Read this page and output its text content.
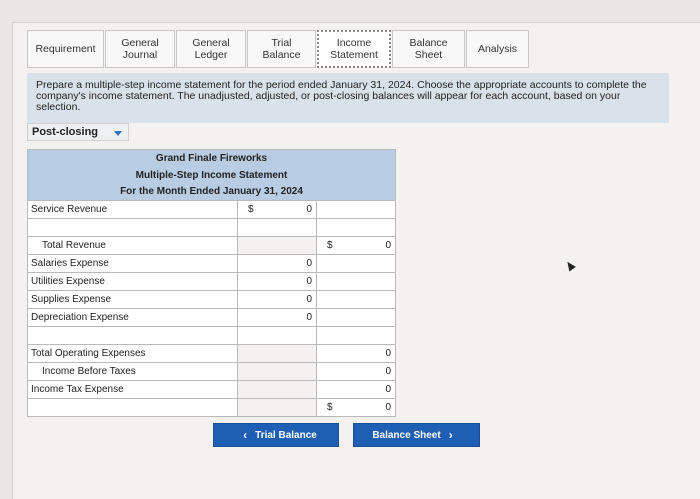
Requirement General
Journal
General
Ledger
Trial Balance
Income
Statement
Balance Sheet	Analysis
Prepare a multiple-step income statement for the period ended January 31, 2024. Choose the appropriate accounts to complete the company's income statement. The unadjusted, adjusted, or post-closing balances will appear for each account, based on your selection.
Post-closing
Grand Finale Fireworks		
Multiple-Step Income Statement		
For the Month Ended January 31, 2024		
Service Revenue	$ 0	

Total Revenue		$ 0

Salaries Expense	0	
Utilities Expense	0	
Supplies Expense	0	
Depreciation Expense	0	

Total Operating Expenses		0
Income Before Taxes		0
Income Tax Expense		0

		$ 0
‹ Trial Balance	Balance Sheet ›
